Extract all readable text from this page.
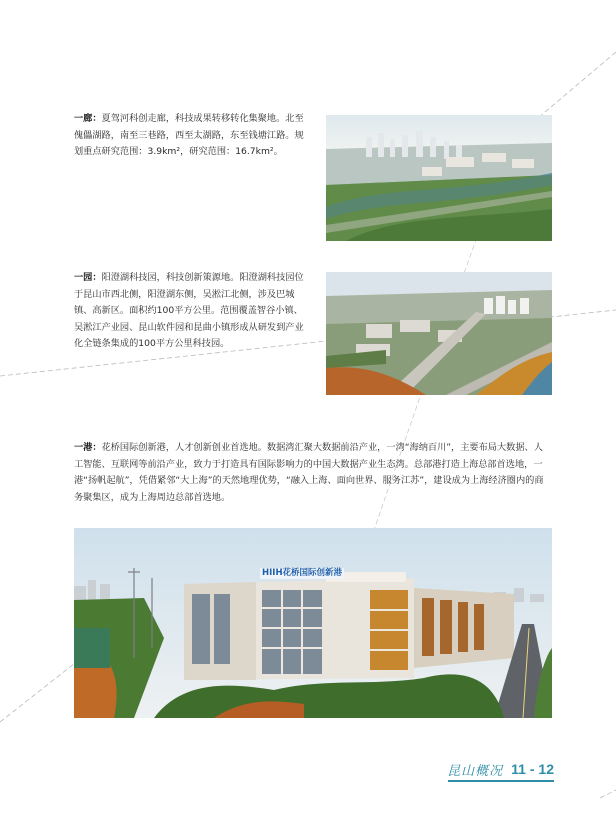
一廊：夏驾河科创走廊，科技成果转移转化集聚地。北至傀儡湖路，南至三巷路，西至太湖路，东至钱塘江路。规划重点研究范围：3.9km²，研究范围：16.7km²。
一园：阳澄湖科技园，科技创新策源地。阳澄湖科技园位于昆山市西北侧，阳澄湖东侧，吴淞江北侧，涉及巴城镇、高新区。面积约100平方公里。范围覆盖智谷小镇、吴淞江产业园、昆山软件园和昆曲小镇形成从研发到产业化全链条集成的100平方公里科技园。
一港：花桥国际创新港，人才创新创业首选地。数据湾汇聚大数据前沿产业，一湾“海纳百川”，主要布局大数据、人工智能、互联网等前沿产业，致力于打造具有国际影响力的中国大数据产业生态湾。总部港打造上海总部首选地，一港“扬帆起航”，凭借紧邻“大上海”的天然地理优势，“融入上海、面向世界、服务江苏”，建设成为上海经济圈内的商务聚集区，成为上海周边总部首选地。
HIIH花桥国际创新港
昆山概况 11 - 12
